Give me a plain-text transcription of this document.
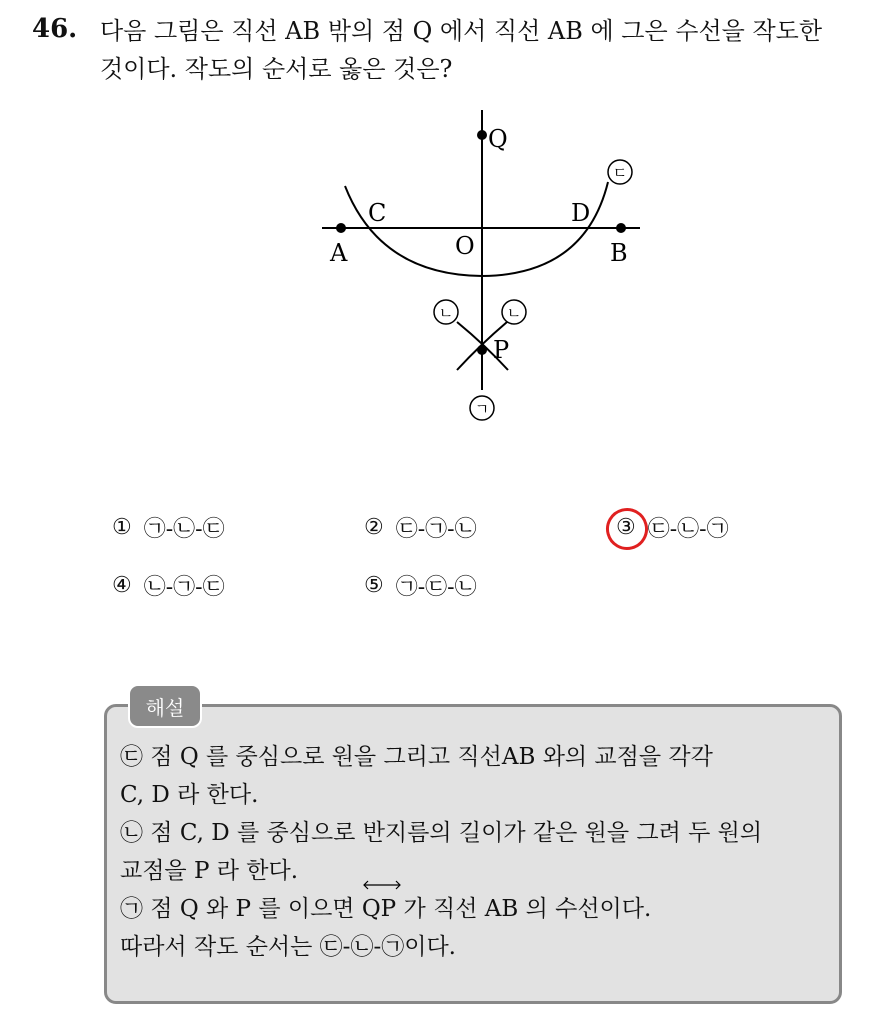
46. 다음 그림은 직선 AB 밖의 점 Q 에서 직선 AB 에 그은 수선을 작도한
것이다. 작도의 순서로 옳은 것은?
Q
A	B
C	D
O
P
ㄷ
ㄴ	ㄴ
ㄱ
① ㉠-㉡-㉢	② ㉢-㉠-㉡	③ ㉢-㉡-㉠
④ ㉡-㉠-㉢	⑤ ㉠-㉢-㉡
해설
㉢ 점 Q 를 중심으로 원을 그리고 직선AB 와의 교점을 각각
C, D 라 한다.
㉡ 점 C, D 를 중심으로 반지름의 길이가 같은 원을 그려 두 원의
교점을 P 라 한다.
㉠ 점 Q 와 P 를 이으면 QP 가 직선 AB 의 수선이다.
따라서 작도 순서는 ㉢-㉡-㉠이다.
